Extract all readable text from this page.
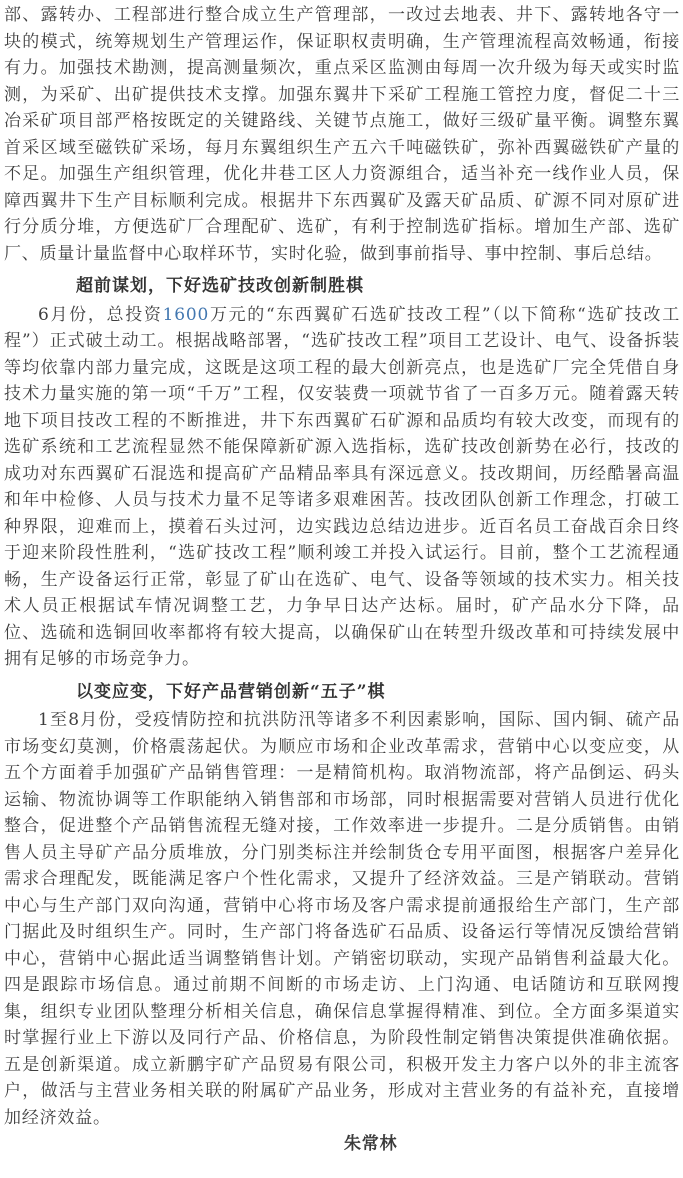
部、露转办、工程部进行整合成立生产管理部，一改过去地表、井下、露转地各守一块的模式，统筹规划生产管理运作，保证职权责明确，生产管理流程高效畅通，衔接有力。加强技术勘测，提高测量频次，重点采区监测由每周一次升级为每天或实时监测，为采矿、出矿提供技术支撑。加强东翼井下采矿工程施工管控力度，督促二十三冶采矿项目部严格按既定的关键路线、关键节点施工，做好三级矿量平衡。调整东翼首采区域至磁铁矿采场，每月东翼组织生产五六千吨磁铁矿，弥补西翼磁铁矿产量的不足。加强生产组织管理，优化井巷工区人力资源组合，适当补充一线作业人员，保障西翼井下生产目标顺利完成。根据井下东西翼矿及露天矿品质、矿源不同对原矿进行分质分堆，方便选矿厂合理配矿、选矿，有利于控制选矿指标。增加生产部、选矿厂、质量计量监督中心取样环节，实时化验，做到事前指导、事中控制、事后总结。

超前谋划，下好选矿技改创新制胜棋

6月份，总投资1600万元的“东西翼矿石选矿技改工程”（以下简称“选矿技改工程”）正式破土动工。根据战略部署，“选矿技改工程”项目工艺设计、电气、设备拆装等均依靠内部力量完成，这既是这项工程的最大创新亮点，也是选矿厂完全凭借自身技术力量实施的第一项“千万”工程，仅安装费一项就节省了一百多万元。随着露天转地下项目技改工程的不断推进，井下东西翼矿石矿源和品质均有较大改变，而现有的选矿系统和工艺流程显然不能保障新矿源入选指标，选矿技改创新势在必行，技改的成功对东西翼矿石混选和提高矿产品精品率具有深远意义。技改期间，历经酷暑高温和年中检修、人员与技术力量不足等诸多艰难困苦。技改团队创新工作理念，打破工种界限，迎难而上，摸着石头过河，边实践边总结边进步。近百名员工奋战百余日终于迎来阶段性胜利，“选矿技改工程”顺利竣工并投入试运行。目前，整个工艺流程通畅，生产设备运行正常，彰显了矿山在选矿、电气、设备等领域的技术实力。相关技术人员正根据试车情况调整工艺，力争早日达产达标。届时，矿产品水分下降，品位、选硫和选铜回收率都将有较大提高，以确保矿山在转型升级改革和可持续发展中拥有足够的市场竞争力。

以变应变，下好产品营销创新“五子”棋

1至8月份，受疫情防控和抗洪防汛等诸多不利因素影响，国际、国内铜、硫产品市场变幻莫测，价格震荡起伏。为顺应市场和企业改革需求，营销中心以变应变，从五个方面着手加强矿产品销售管理：一是精简机构。取消物流部，将产品倒运、码头运输、物流协调等工作职能纳入销售部和市场部，同时根据需要对营销人员进行优化整合，促进整个产品销售流程无缝对接，工作效率进一步提升。二是分质销售。由销售人员主导矿产品分质堆放，分门别类标注并绘制货仓专用平面图，根据客户差异化需求合理配发，既能满足客户个性化需求，又提升了经济效益。三是产销联动。营销中心与生产部门双向沟通，营销中心将市场及客户需求提前通报给生产部门，生产部门据此及时组织生产。同时，生产部门将备选矿石品质、设备运行等情况反馈给营销中心，营销中心据此适当调整销售计划。产销密切联动，实现产品销售利益最大化。四是跟踪市场信息。通过前期不间断的市场走访、上门沟通、电话随访和互联网搜集，组织专业团队整理分析相关信息，确保信息掌握得精准、到位。全方面多渠道实时掌握行业上下游以及同行产品、价格信息，为阶段性制定销售决策提供准确依据。五是创新渠道。成立新鹏宇矿产品贸易有限公司，积极开发主力客户以外的非主流客户，做活与主营业务相关联的附属矿产品业务，形成对主营业务的有益补充，直接增加经济效益。

朱常林
